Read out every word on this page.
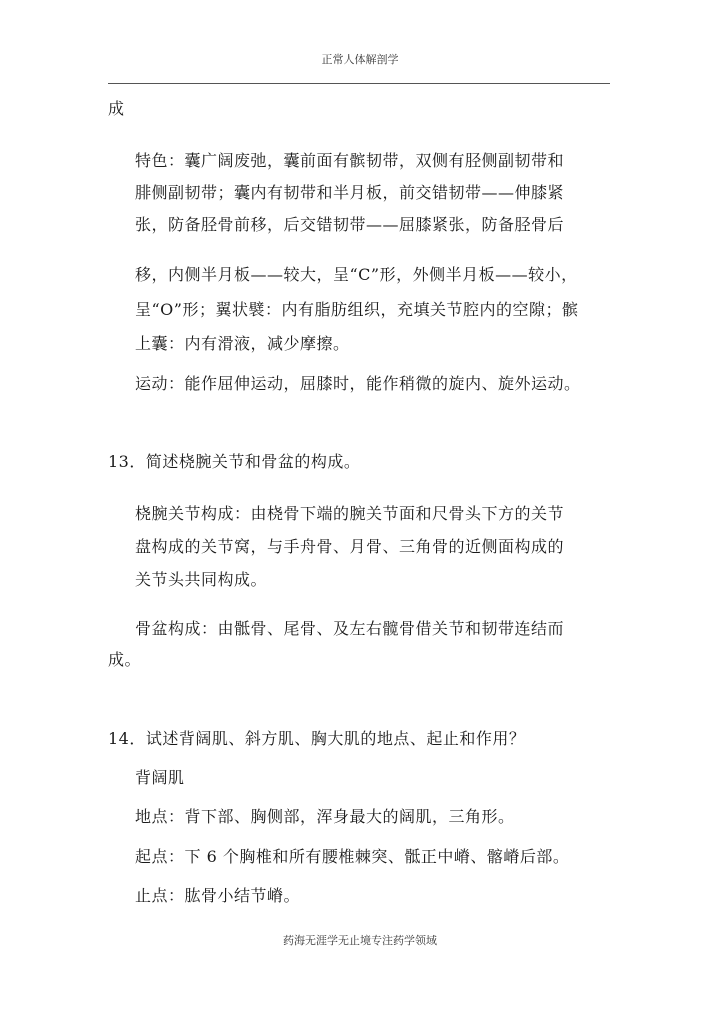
正常人体解剖学
成
特色：囊广阔废弛，囊前面有髌韧带，双侧有胫侧副韧带和
腓侧副韧带；囊内有韧带和半月板，前交错韧带——伸膝紧
张，防备胫骨前移，后交错韧带——屈膝紧张，防备胫骨后
移，内侧半月板——较大，呈“C”形，外侧半月板——较小，
呈“O”形；翼状襞：内有脂肪组织，充填关节腔内的空隙；髌
上囊：内有滑液，减少摩擦。
运动：能作屈伸运动，屈膝时，能作稍微的旋内、旋外运动。
13．简述桡腕关节和骨盆的构成。
桡腕关节构成：由桡骨下端的腕关节面和尺骨头下方的关节
盘构成的关节窝，与手舟骨、月骨、三角骨的近侧面构成的
关节头共同构成。
骨盆构成：由骶骨、尾骨、及左右髋骨借关节和韧带连结而
成。
14．试述背阔肌、斜方肌、胸大肌的地点、起止和作用？
背阔肌
地点：背下部、胸侧部，浑身最大的阔肌，三角形。
起点：下 6 个胸椎和所有腰椎棘突、骶正中嵴、髂嵴后部。
止点：肱骨小结节嵴。
药海无涯学无止境专注药学领域
